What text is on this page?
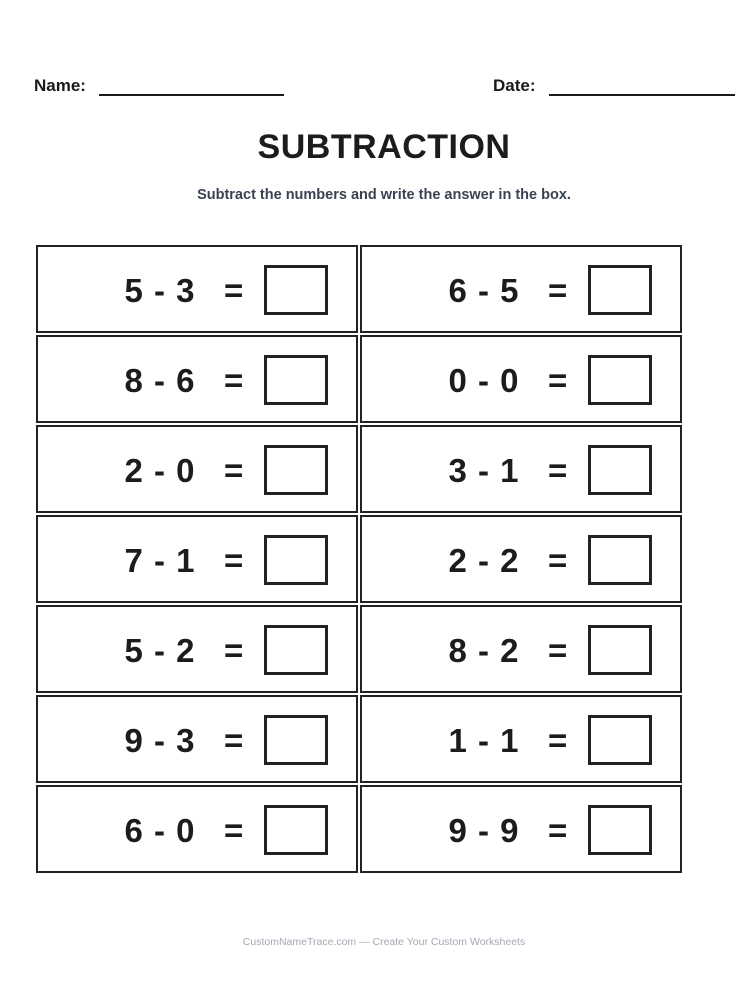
Name:	Date:
SUBTRACTION
Subtract the numbers and write the answer in the box.
5 - 3 =
8 - 6 =
2 - 0 =
7 - 1 =
5 - 2 =
9 - 3 =
6 - 0 =
6 - 5 =
0 - 0 =
3 - 1 =
2 - 2 =
8 - 2 =
1 - 1 =
9 - 9 =
CustomNameTrace.com — Create Your Custom Worksheets
